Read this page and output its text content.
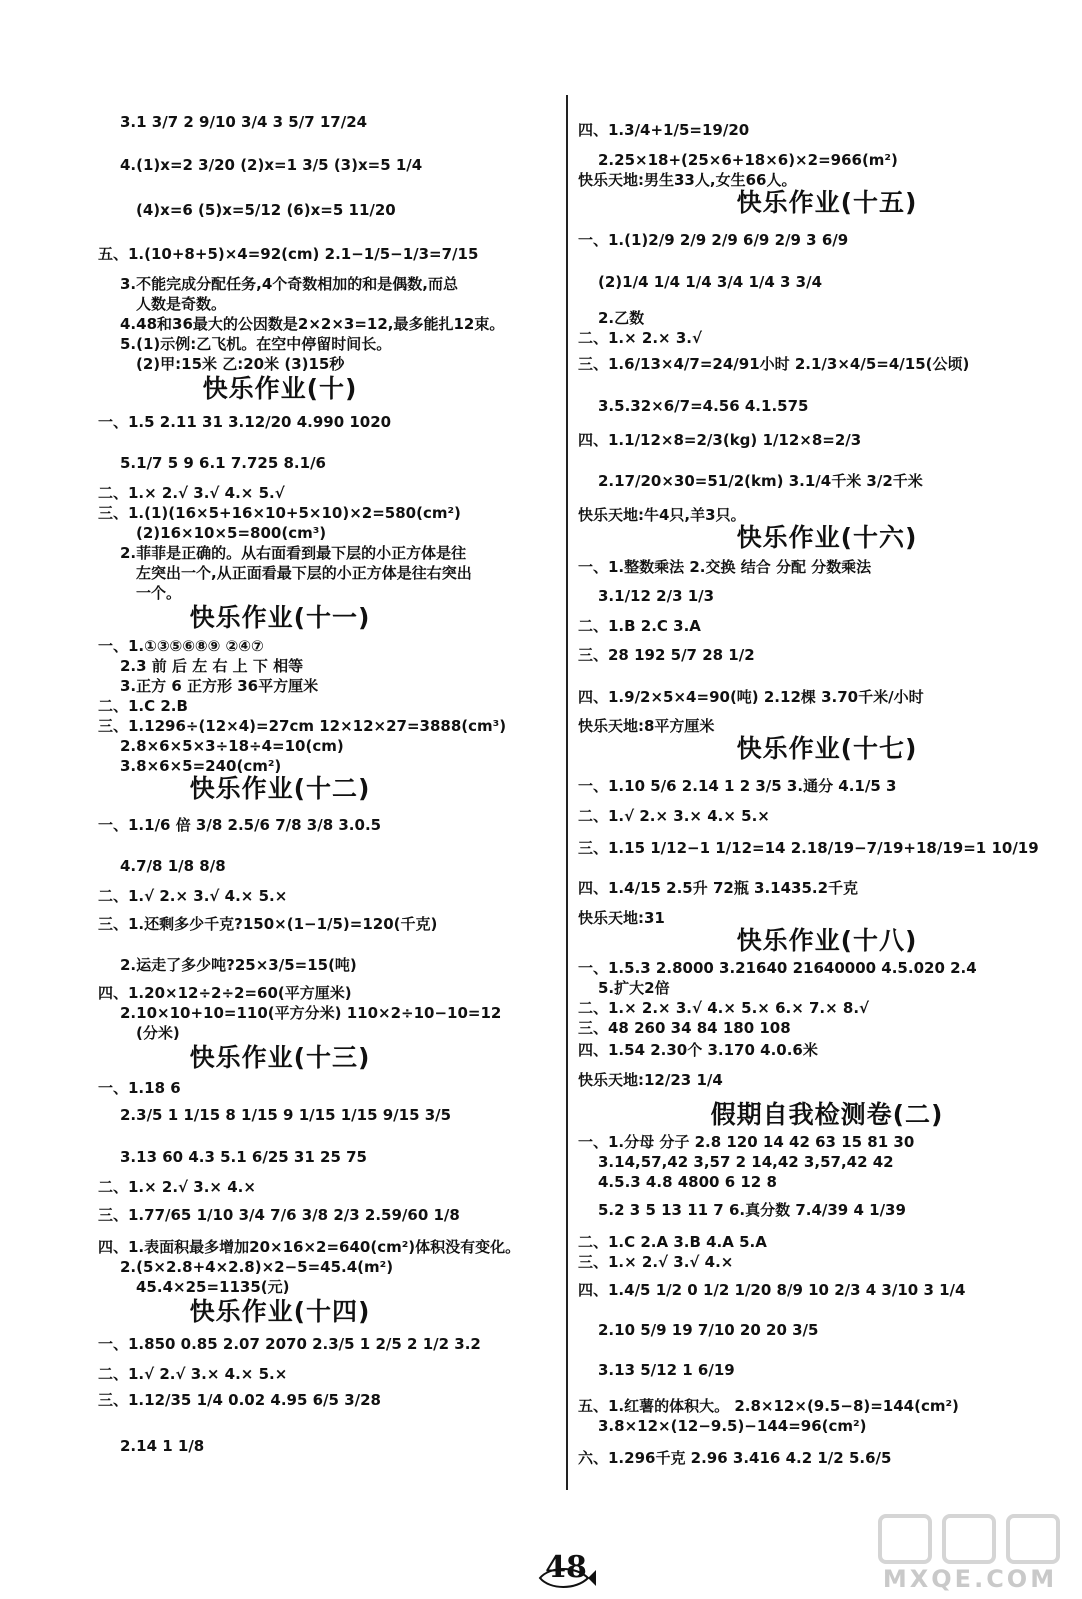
3.1 3/7 2 9/10 3/4 3 5/7 17/24
4.(1)x=2 3/20 (2)x=1 3/5 (3)x=5 1/4
(4)x=6 (5)x=5/12 (6)x=5 11/20
五、1.(10+8+5)×4=92(cm) 2.1−1/5−1/3=7/15
3.不能完成分配任务,4个奇数相加的和是偶数,而总
人数是奇数。
4.48和36最大的公因数是2×2×3=12,最多能扎12束。
5.(1)示例:乙飞机。在空中停留时间长。
(2)甲:15米 乙:20米 (3)15秒
快乐作业(十)
一、1.5 2.11 31 3.12/20 4.990 1020
5.1/7 5 9 6.1 7.725 8.1/6
二、1.× 2.√ 3.√ 4.× 5.√
三、1.(1)(16×5+16×10+5×10)×2=580(cm²)
(2)16×10×5=800(cm³)
2.菲菲是正确的。从右面看到最下层的小正方体是往
左突出一个,从正面看最下层的小正方体是往右突出
一个。
快乐作业(十一)
一、1.①③⑤⑥⑧⑨ ②④⑦
2.3 前 后 左 右 上 下 相等
3.正方 6 正方形 36平方厘米
二、1.C 2.B
三、1.1296÷(12×4)=27cm 12×12×27=3888(cm³)
2.8×6×5×3÷18÷4=10(cm)
3.8×6×5=240(cm²)
快乐作业(十二)
一、1.1/6 倍 3/8 2.5/6 7/8 3/8 3.0.5
4.7/8 1/8 8/8
二、1.√ 2.× 3.√ 4.× 5.×
三、1.还剩多少千克?150×(1−1/5)=120(千克)
2.运走了多少吨?25×3/5=15(吨)
四、1.20×12÷2÷2=60(平方厘米)
2.10×10+10=110(平方分米) 110×2÷10−10=12
(分米)
快乐作业(十三)
一、1.18 6
2.3/5 1 1/15 8 1/15 9 1/15 1/15 9/15 3/5
3.13 60 4.3 5.1 6/25 31 25 75
二、1.× 2.√ 3.× 4.×
三、1.77/65 1/10 3/4 7/6 3/8 2/3 2.59/60 1/8
四、1.表面积最多增加20×16×2=640(cm²)体积没有变化。
2.(5×2.8+4×2.8)×2−5=45.4(m²)
45.4×25=1135(元)
快乐作业(十四)
一、1.850 0.85 2.07 2070 2.3/5 1 2/5 2 1/2 3.2
二、1.√ 2.√ 3.× 4.× 5.×
三、1.12/35 1/4 0.02 4.95 6/5 3/28
2.14 1 1/8
四、1.3/4+1/5=19/20
2.25×18+(25×6+18×6)×2=966(m²)
快乐天地:男生33人,女生66人。
快乐作业(十五)
一、1.(1)2/9 2/9 2/9 6/9 2/9 3 6/9
(2)1/4 1/4 1/4 3/4 1/4 3 3/4
2.乙数
二、1.× 2.× 3.√
三、1.6/13×4/7=24/91小时 2.1/3×4/5=4/15(公顷)
3.5.32×6/7=4.56 4.1.575
四、1.1/12×8=2/3(kg) 1/12×8=2/3
2.17/20×30=51/2(km) 3.1/4千米 3/2千米
快乐天地:牛4只,羊3只。
快乐作业(十六)
一、1.整数乘法 2.交换 结合 分配 分数乘法
3.1/12 2/3 1/3
二、1.B 2.C 3.A
三、28 192 5/7 28 1/2
四、1.9/2×5×4=90(吨) 2.12棵 3.70千米/小时
快乐天地:8平方厘米
快乐作业(十七)
一、1.10 5/6 2.14 1 2 3/5 3.通分 4.1/5 3
二、1.√ 2.× 3.× 4.× 5.×
三、1.15 1/12−1 1/12=14 2.18/19−7/19+18/19=1 10/19
四、1.4/15 2.5升 72瓶 3.1435.2千克
快乐天地:31
快乐作业(十八)
一、1.5.3 2.8000 3.21640 21640000 4.5.020 2.4
5.扩大2倍
二、1.× 2.× 3.√ 4.× 5.× 6.× 7.× 8.√
三、48 260 34 84 180 108
四、1.54 2.30个 3.170 4.0.6米
快乐天地:12/23 1/4
假期自我检测卷(二)
一、1.分母 分子 2.8 120 14 42 63 15 81 30
3.14,57,42 3,57 2 14,42 3,57,42 42
4.5.3 4.8 4800 6 12 8
5.2 3 5 13 11 7 6.真分数 7.4/39 4 1/39
二、1.C 2.A 3.B 4.A 5.A
三、1.× 2.√ 3.√ 4.×
四、1.4/5 1/2 0 1/2 1/20 8/9 10 2/3 4 3/10 3 1/4
2.10 5/9 19 7/10 20 20 3/5
3.13 5/12 1 6/19
五、1.红薯的体积大。 2.8×12×(9.5−8)=144(cm²)
3.8×12×(12−9.5)−144=96(cm²)
六、1.296千克 2.96 3.416 4.2 1/2 5.6/5
48	MXQE.COM
